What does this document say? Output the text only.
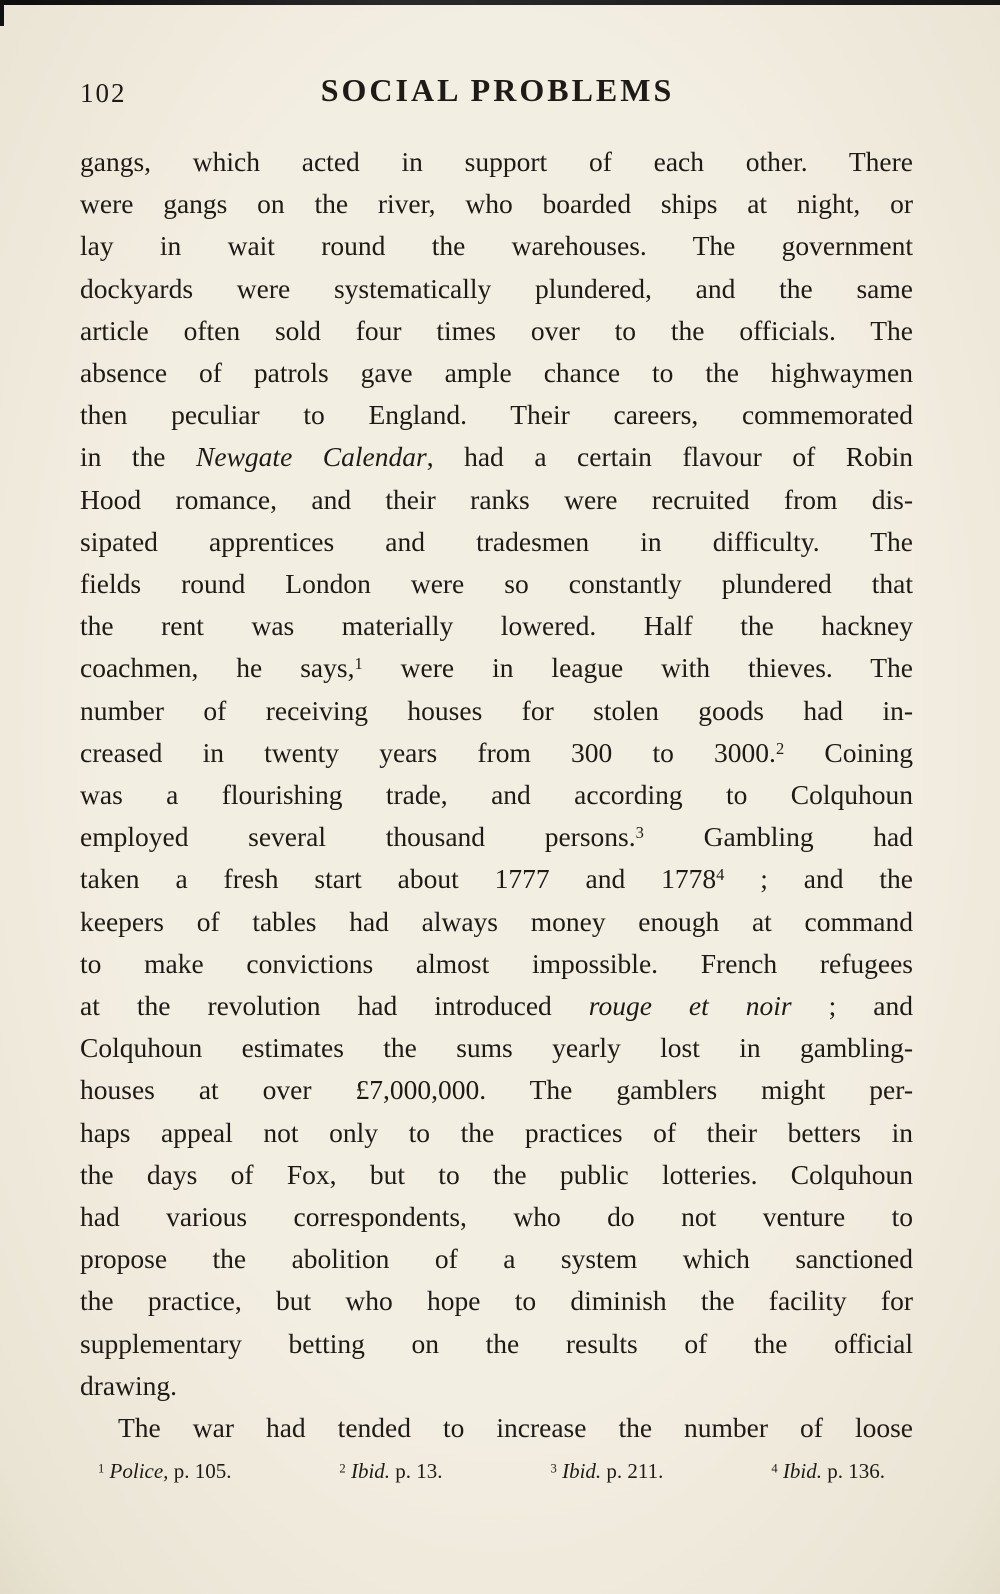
102	SOCIAL PROBLEMS
gangs, which acted in support of each other. There
were gangs on the river, who boarded ships at night, or
lay in wait round the warehouses. The government
dockyards were systematically plundered, and the same
article often sold four times over to the officials. The
absence of patrols gave ample chance to the highwaymen
then peculiar to England. Their careers, commemorated
in the Newgate Calendar, had a certain flavour of Robin
Hood romance, and their ranks were recruited from dis-
sipated apprentices and tradesmen in difficulty. The
fields round London were so constantly plundered that
the rent was materially lowered. Half the hackney
coachmen, he says,$^1$ were in league with thieves. The
number of receiving houses for stolen goods had in-
creased in twenty years from 300 to 3000.$^2$ Coining
was a flourishing trade, and according to Colquhoun
employed several thousand persons.$^3$ Gambling had
taken a fresh start about 1777 and 1778$^4$ ; and the
keepers of tables had always money enough at command
to make convictions almost impossible. French refugees
at the revolution had introduced rouge et noir ; and
Colquhoun estimates the sums yearly lost in gambling-
houses at over £7,000,000. The gamblers might per-
haps appeal not only to the practices of their betters in
the days of Fox, but to the public lotteries. Colquhoun
had various correspondents, who do not venture to
propose the abolition of a system which sanctioned
the practice, but who hope to diminish the facility for
supplementary betting on the results of the official
drawing.
The war had tended to increase the number of loose
$^1$ Police, p. 105.	$^2$ Ibid. p. 13.	$^3$ Ibid. p. 211.	$^4$ Ibid. p. 136.
